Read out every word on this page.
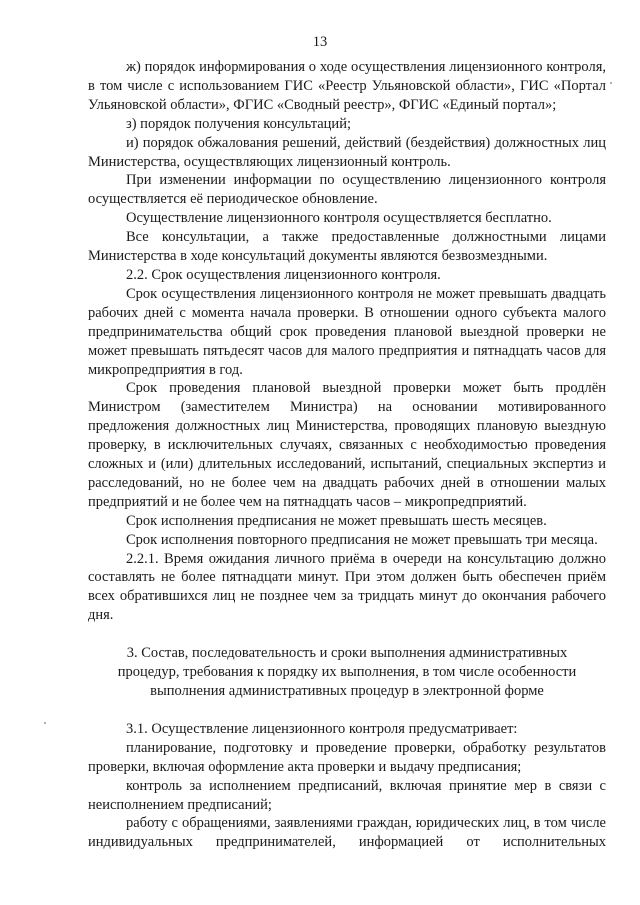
13

ж) порядок информирования о ходе осуществления лицензионного контроля, в том числе с использованием ГИС «Реестр Ульяновской области», ГИС «Портал Ульяновской области», ФГИС «Сводный реестр», ФГИС «Единый портал»;

з) порядок получения консультаций;

и) порядок обжалования решений, действий (бездействия) должностных лиц Министерства, осуществляющих лицензионный контроль.

При изменении информации по осуществлению лицензионного контроля осуществляется её периодическое обновление.

Осуществление лицензионного контроля осуществляется бесплатно.

Все консультации, а также предоставленные должностными лицами Министерства в ходе консультаций документы являются безвозмездными.

2.2. Срок осуществления лицензионного контроля.

Срок осуществления лицензионного контроля не может превышать двадцать рабочих дней с момента начала проверки. В отношении одного субъекта малого предпринимательства общий срок проведения плановой выездной проверки не может превышать пятьдесят часов для малого предприятия и пятнадцать часов для микропредприятия в год.

Срок проведения плановой выездной проверки может быть продлён Министром (заместителем Министра) на основании мотивированного предложения должностных лиц Министерства, проводящих плановую выездную проверку, в исключительных случаях, связанных с необходимостью проведения сложных и (или) длительных исследований, испытаний, специальных экспертиз и расследований, но не более чем на двадцать рабочих дней в отношении малых предприятий и не более чем на пятнадцать часов – микропредприятий.

Срок исполнения предписания не может превышать шесть месяцев.

Срок исполнения повторного предписания не может превышать три месяца.

2.2.1. Время ожидания личного приёма в очереди на консультацию должно составлять не более пятнадцати минут. При этом должен быть обеспечен приём всех обратившихся лиц не позднее чем за тридцать минут до окончания рабочего дня.

3. Состав, последовательность и сроки выполнения административных

процедур, требования к порядку их выполнения, в том числе особенности

выполнения административных процедур в электронной форме

3.1. Осуществление лицензионного контроля предусматривает:

планирование, подготовку и проведение проверки, обработку результатов проверки, включая оформление акта проверки и выдачу предписания;

контроль за исполнением предписаний, включая принятие мер в связи с неисполнением предписаний;

работу с обращениями, заявлениями граждан, юридических лиц, в том числе индивидуальных предпринимателей, информацией от исполнительных
